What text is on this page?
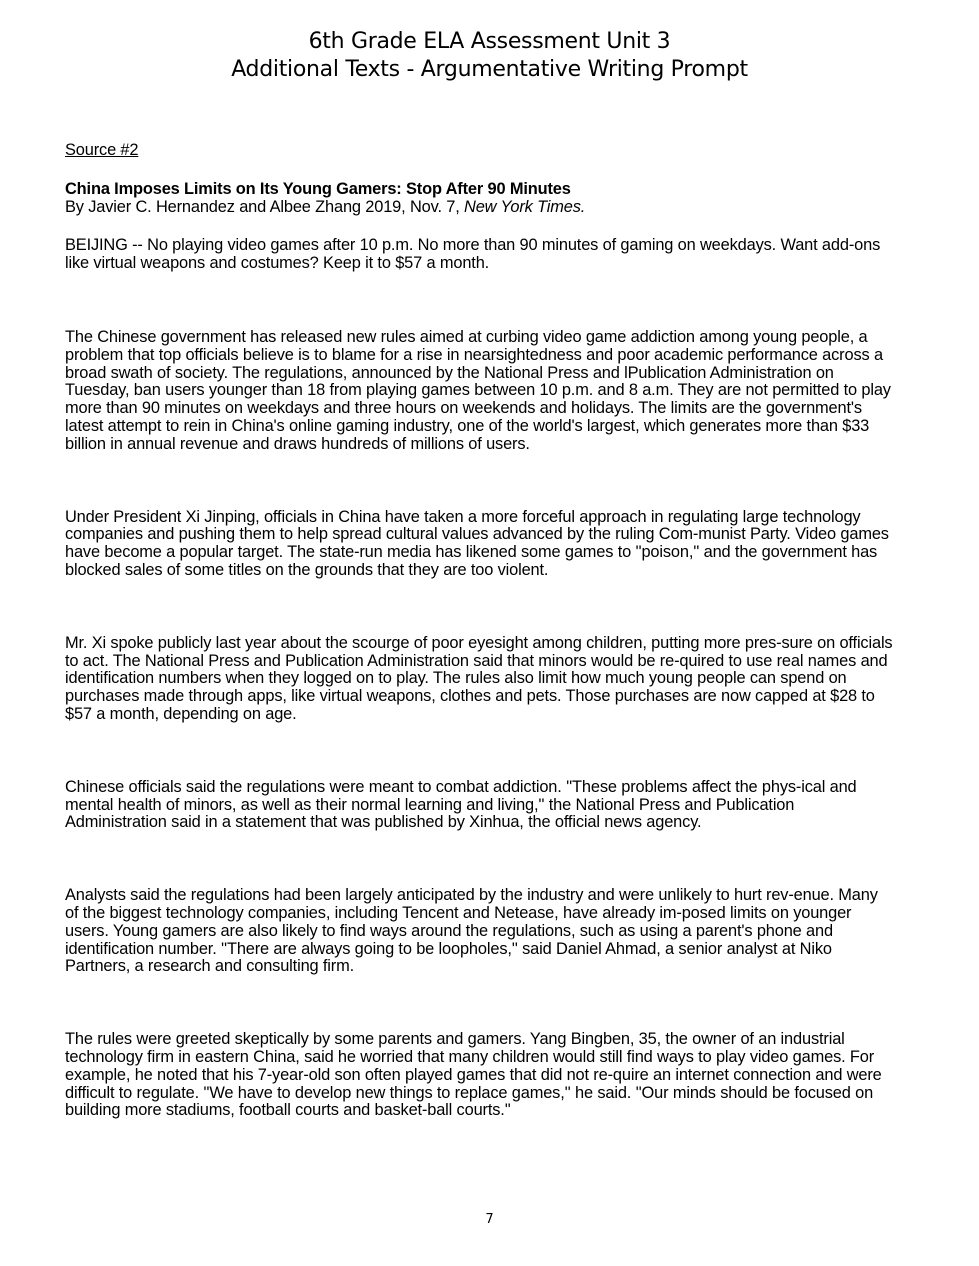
6th Grade ELA Assessment Unit 3
Additional Texts - Argumentative Writing Prompt

Source #2

China Imposes Limits on Its Young Gamers: Stop After 90 Minutes

By Javier C. Hernandez and Albee Zhang 2019, Nov. 7, New York Times.

BEIJING -- No playing video games after 10 p.m. No more than 90 minutes of gaming on weekdays. Want add-ons like virtual weapons and costumes? Keep it to $57 a month.

The Chinese government has released new rules aimed at curbing video game addiction among young people, a problem that top officials believe is to blame for a rise in nearsightedness and poor academic performance across a broad swath of society. The regulations, announced by the National Press and lPublication Administration on Tuesday, ban users younger than 18 from playing games between 10 p.m. and 8 a.m. They are not permitted to play more than 90 minutes on weekdays and three hours on weekends and holidays. The limits are the government's latest attempt to rein in China's online gaming industry, one of the world's largest, which generates more than $33 billion in annual revenue and draws hundreds of millions of users.

Under President Xi Jinping, officials in China have taken a more forceful approach in regulating large technology companies and pushing them to help spread cultural values advanced by the ruling Com-munist Party. Video games have become a popular target. The state-run media has likened some games to ''poison,'' and the government has blocked sales of some titles on the grounds that they are too violent.

Mr. Xi spoke publicly last year about the scourge of poor eyesight among children, putting more pres-sure on officials to act. The National Press and Publication Administration said that minors would be re-quired to use real names and identification numbers when they logged on to play. The rules also limit how much young people can spend on purchases made through apps, like virtual weapons, clothes and pets. Those purchases are now capped at $28 to $57 a month, depending on age.

Chinese officials said the regulations were meant to combat addiction. ''These problems affect the phys-ical and mental health of minors, as well as their normal learning and living,'' the National Press and Publication Administration said in a statement that was published by Xinhua, the official news agency.

Analysts said the regulations had been largely anticipated by the industry and were unlikely to hurt rev-enue. Many of the biggest technology companies, including Tencent and Netease, have already im-posed limits on younger users. Young gamers are also likely to find ways around the regulations, such as using a parent's phone and identification number. ''There are always going to be loopholes,'' said Daniel Ahmad, a senior analyst at Niko Partners, a research and consulting firm.

The rules were greeted skeptically by some parents and gamers. Yang Bingben, 35, the owner of an industrial technology firm in eastern China, said he worried that many children would still find ways to play video games. For example, he noted that his 7-year-old son often played games that did not re-quire an internet connection and were difficult to regulate. ''We have to develop new things to replace games,'' he said. ''Our minds should be focused on building more stadiums, football courts and basket-ball courts.''

7
